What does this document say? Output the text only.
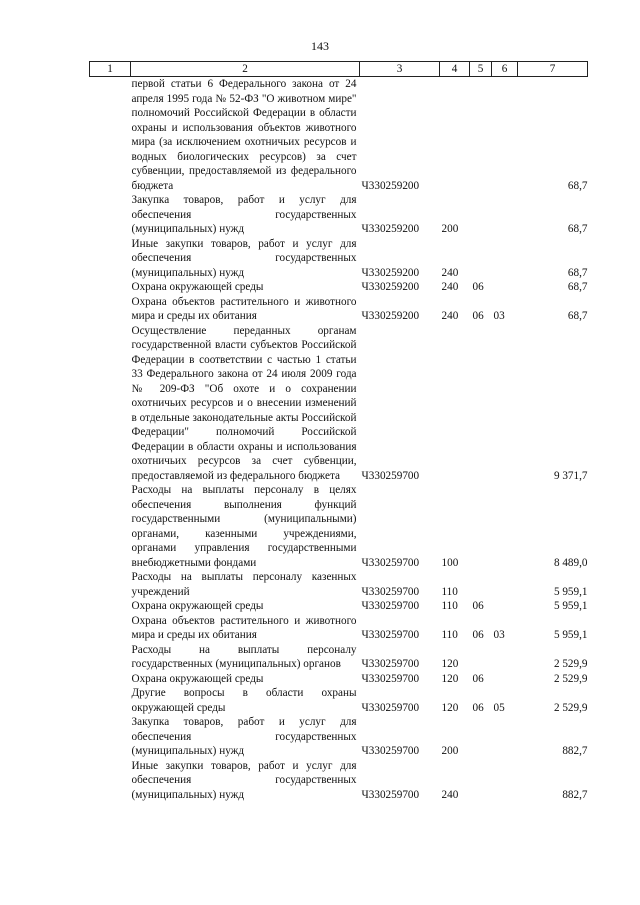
143
1	2	3	4	5	6	7
первой статьи 6 Федерального закона от 24 апреля 1995 года № 52-ФЗ "О животном мире" полномочий Российской Федерации в области охраны и использования объектов животного мира (за исключением охотничьих ресурсов и водных биологических ресурсов) за счет субвенции, предоставляемой из федерального бюджета		Ч330259200				68,7
Закупка товаров, работ и услуг для обеспечения государственных (муниципальных) нужд		Ч330259200	200			68,7
Иные закупки товаров, работ и услуг для обеспечения государственных (муниципальных) нужд		Ч330259200	240			68,7
Охрана окружающей среды		Ч330259200	240	06		68,7
Охрана объектов растительного и животного мира и среды их обитания		Ч330259200	240	06	03	68,7
Осуществление переданных органам государственной власти субъектов Российской Федерации в соответствии с частью 1 статьи 33 Федерального закона от 24 июля 2009 года № 209-ФЗ "Об охоте и о сохранении охотничьих ресурсов и о внесении изменений в отдельные законодательные акты Российской Федерации" полномочий Российской Федерации в области охраны и использования охотничьих ресурсов за счет субвенции, предоставляемой из федерального бюджета		Ч330259700				9 371,7
Расходы на выплаты персоналу в целях обеспечения выполнения функций государственными (муниципальными) органами, казенными учреждениями, органами управления государственными внебюджетными фондами		Ч330259700	100			8 489,0
Расходы на выплаты персоналу казенных учреждений		Ч330259700	110			5 959,1
Охрана окружающей среды		Ч330259700	110	06		5 959,1
Охрана объектов растительного и животного мира и среды их обитания		Ч330259700	110	06	03	5 959,1
Расходы на выплаты персоналу государственных (муниципальных) органов		Ч330259700	120			2 529,9
Охрана окружающей среды		Ч330259700	120	06		2 529,9
Другие вопросы в области охраны окружающей среды		Ч330259700	120	06	05	2 529,9
Закупка товаров, работ и услуг для обеспечения государственных (муниципальных) нужд		Ч330259700	200			882,7
Иные закупки товаров, работ и услуг для обеспечения государственных (муниципальных) нужд		Ч330259700	240			882,7
